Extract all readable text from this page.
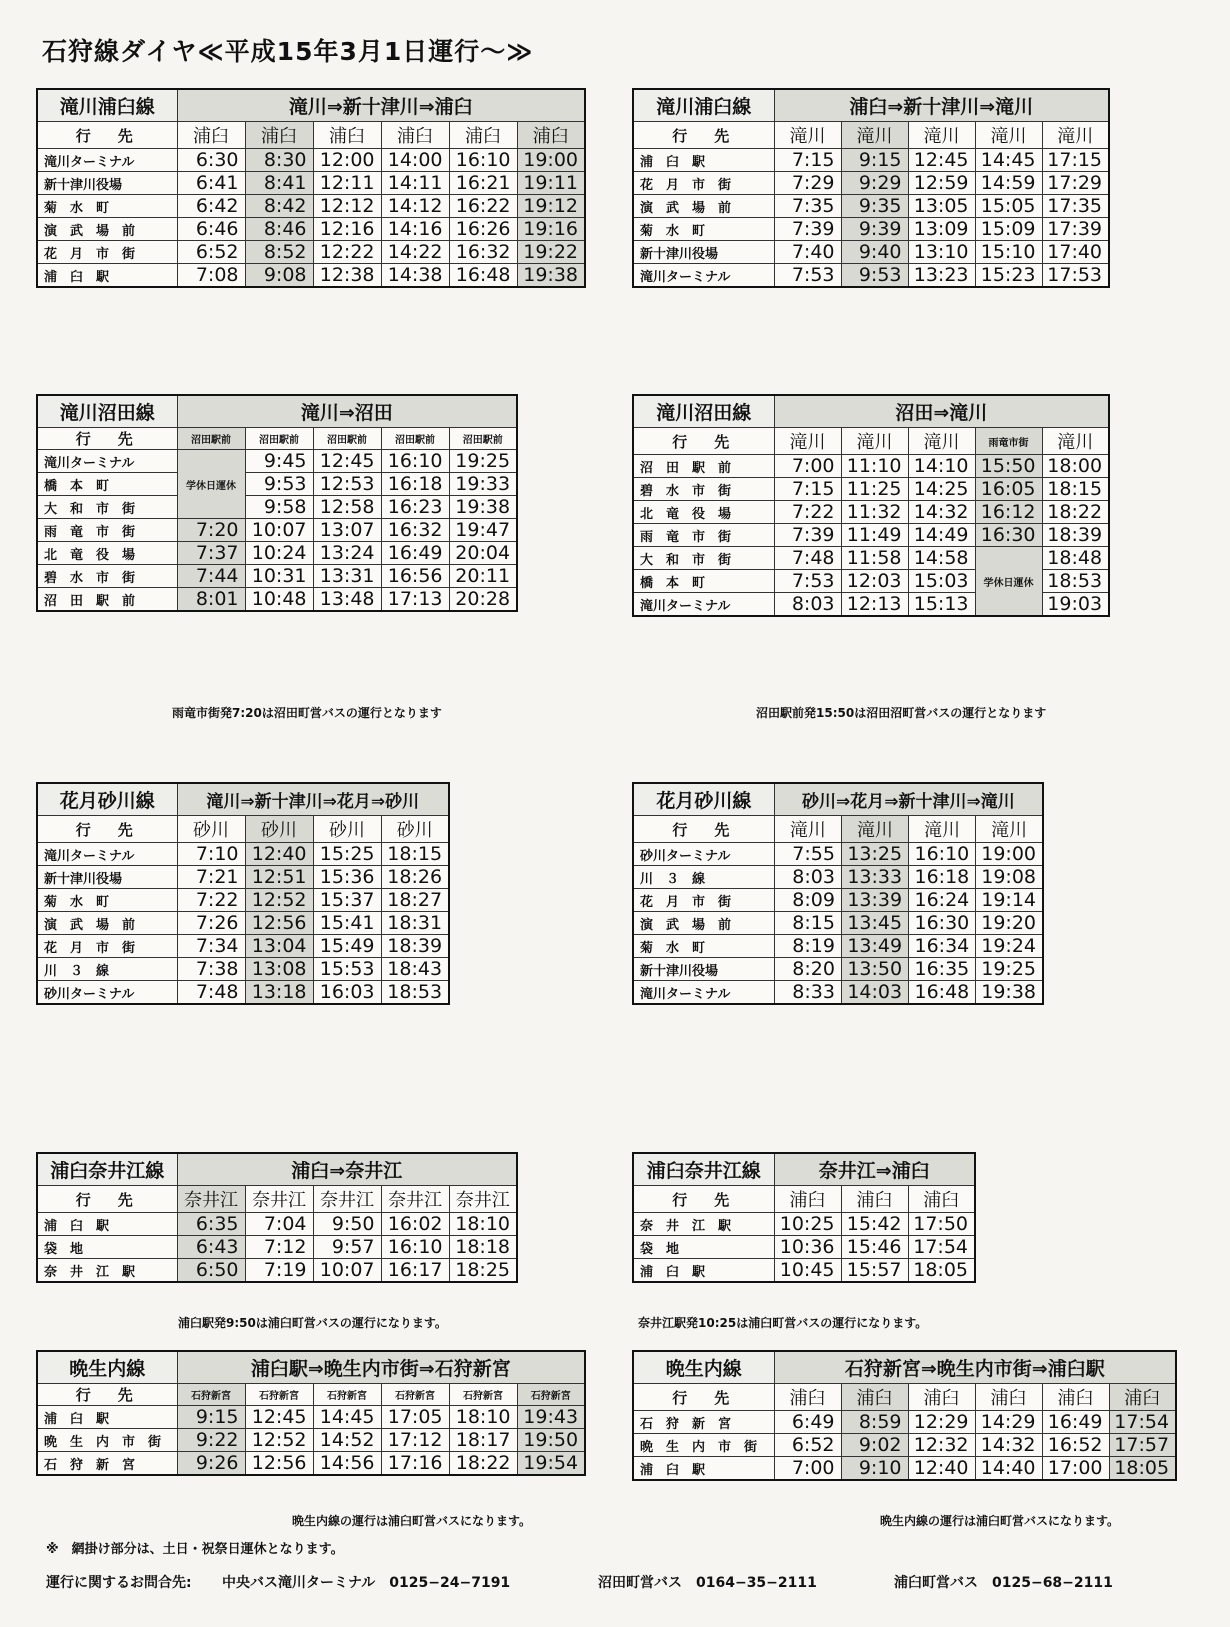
石狩線ダイヤ≪平成15年3月1日運行〜≫
滝川浦臼線	滝川⇒新十津川⇒浦臼					
行　先	浦臼	浦臼	浦臼	浦臼	浦臼	浦臼
滝川ターミナル	6:30	8:30	12:00	14:00	16:10	19:00
新十津川役場	6:41	8:41	12:11	14:11	16:21	19:11
菊　水　町	6:42	8:42	12:12	14:12	16:22	19:12
演　武　場　前	6:46	8:46	12:16	14:16	16:26	19:16
花　月　市　街	6:52	8:52	12:22	14:22	16:32	19:22
浦　臼　駅	7:08	9:08	12:38	14:38	16:48	19:38
滝川浦臼線	浦臼⇒新十津川⇒滝川				
行　先	滝川	滝川	滝川	滝川	滝川
浦　臼　駅	7:15	9:15	12:45	14:45	17:15
花　月　市　街	7:29	9:29	12:59	14:59	17:29
演　武　場　前	7:35	9:35	13:05	15:05	17:35
菊　水　町	7:39	9:39	13:09	15:09	17:39
新十津川役場	7:40	9:40	13:10	15:10	17:40
滝川ターミナル	7:53	9:53	13:23	15:23	17:53
滝川沼田線	滝川⇒沼田				
行　先	沼田駅前	沼田駅前	沼田駅前	沼田駅前	沼田駅前
滝川ターミナル	学休日運休	9:45	12:45	16:10	19:25
橋　本　町		9:53	12:53	16:18	19:33
大　和　市　街		9:58	12:58	16:23	19:38
雨　竜　市　街	7:20	10:07	13:07	16:32	19:47
北　竜　役　場	7:37	10:24	13:24	16:49	20:04
碧　水　市　街	7:44	10:31	13:31	16:56	20:11
沼　田　駅　前	8:01	10:48	13:48	17:13	20:28
雨竜市街発7:20は沼田町営バスの運行となります
滝川沼田線	沼田⇒滝川				
行　先	滝川	滝川	滝川	雨竜市街	滝川
沼　田　駅　前	7:00	11:10	14:10	15:50	18:00
碧　水　市　街	7:15	11:25	14:25	16:05	18:15
北　竜　役　場	7:22	11:32	14:32	16:12	18:22
雨　竜　市　街	7:39	11:49	14:49	16:30	18:39
大　和　市　街	7:48	11:58	14:58	学休日運休	18:48
橋　本　町	7:53	12:03	15:03		18:53
滝川ターミナル	8:03	12:13	15:13		19:03
沼田駅前発15:50は沼田沼町営バスの運行となります
花月砂川線	滝川⇒新十津川⇒花月⇒砂川			
行　先	砂川	砂川	砂川	砂川
滝川ターミナル	7:10	12:40	15:25	18:15
新十津川役場	7:21	12:51	15:36	18:26
菊　水　町	7:22	12:52	15:37	18:27
演　武　場　前	7:26	12:56	15:41	18:31
花　月　市　街	7:34	13:04	15:49	18:39
川　３　線	7:38	13:08	15:53	18:43
砂川ターミナル	7:48	13:18	16:03	18:53
花月砂川線	砂川⇒花月⇒新十津川⇒滝川			
行　先	滝川	滝川	滝川	滝川
砂川ターミナル	7:55	13:25	16:10	19:00
川　３　線	8:03	13:33	16:18	19:08
花　月　市　街	8:09	13:39	16:24	19:14
演　武　場　前	8:15	13:45	16:30	19:20
菊　水　町	8:19	13:49	16:34	19:24
新十津川役場	8:20	13:50	16:35	19:25
滝川ターミナル	8:33	14:03	16:48	19:38
浦臼奈井江線	浦臼⇒奈井江				
行　先	奈井江	奈井江	奈井江	奈井江	奈井江
浦　臼　駅	6:35	7:04	9:50	16:02	18:10
袋　地	6:43	7:12	9:57	16:10	18:18
奈　井　江　駅	6:50	7:19	10:07	16:17	18:25
浦臼駅発9:50は浦臼町営バスの運行になります。
浦臼奈井江線	奈井江⇒浦臼		
行　先	浦臼	浦臼	浦臼
奈　井　江　駅	10:25	15:42	17:50
袋　地	10:36	15:46	17:54
浦　臼　駅	10:45	15:57	18:05
奈井江駅発10:25は浦臼町営バスの運行になります。
晩生内線	浦臼駅⇒晩生内市街⇒石狩新宮					
行　先	石狩新宮	石狩新宮	石狩新宮	石狩新宮	石狩新宮	石狩新宮
浦　臼　駅	9:15	12:45	14:45	17:05	18:10	19:43
晩　生　内　市　街	9:22	12:52	14:52	17:12	18:17	19:50
石　狩　新　宮	9:26	12:56	14:56	17:16	18:22	19:54
晩生内線の運行は浦臼町営バスになります。
晩生内線	石狩新宮⇒晩生内市街⇒浦臼駅					
行　先	浦臼	浦臼	浦臼	浦臼	浦臼	浦臼
石　狩　新　宮	6:49	8:59	12:29	14:29	16:49	17:54
晩　生　内　市　街	6:52	9:02	12:32	14:32	16:52	17:57
浦　臼　駅	7:00	9:10	12:40	14:40	17:00	18:05
晩生内線の運行は浦臼町営バスになります。
※　網掛け部分は、土日・祝祭日運休となります。
運行に関するお問合先: 中央バス滝川ターミナル　0125−24−7191	沼田町営バス　0164−35−2111	浦臼町営バス　0125−68−2111
